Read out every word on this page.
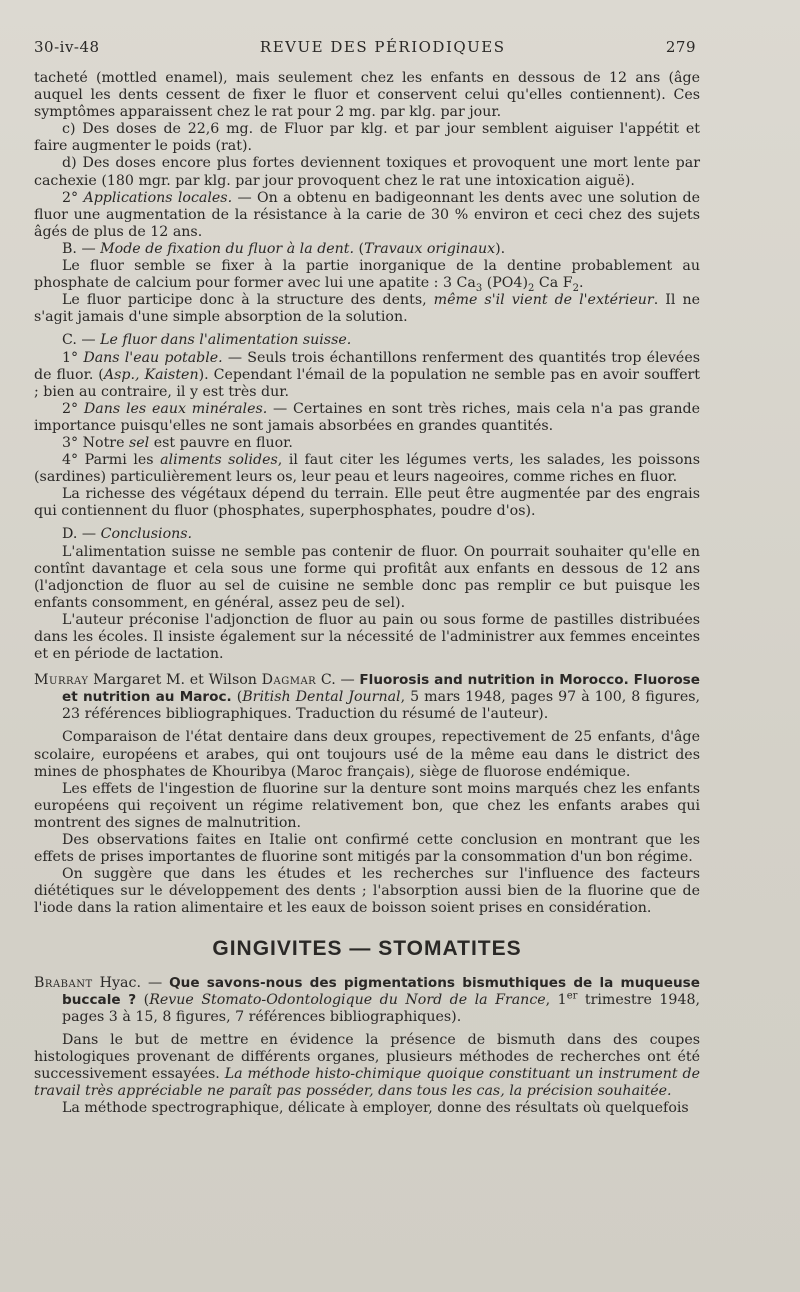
30-iv-48	REVUE DES PÉRIODIQUES	279

tacheté (mottled enamel), mais seulement chez les enfants en dessous de 12 ans (âge auquel les dents cessent de fixer le fluor et conservent celui qu'elles contiennent). Ces symptômes apparaissent chez le rat pour 2 mg. par klg. par jour.

c) Des doses de 22,6 mg. de Fluor par klg. et par jour semblent aiguiser l'appétit et faire augmenter le poids (rat).

d) Des doses encore plus fortes deviennent toxiques et provoquent une mort lente par cachexie (180 mgr. par klg. par jour provoquent chez le rat une intoxication aiguë).

2° Applications locales. — On a obtenu en badigeonnant les dents avec une solution de fluor une augmentation de la résistance à la carie de 30 % environ et ceci chez des sujets âgés de plus de 12 ans.

B. — Mode de fixation du fluor à la dent. (Travaux originaux).

Le fluor semble se fixer à la partie inorganique de la dentine probablement au phosphate de calcium pour former avec lui une apatite : 3 $Ca_3$ $(PO4)_2$ Ca $F_2$.

Le fluor participe donc à la structure des dents, même s'il vient de l'extérieur. Il ne s'agit jamais d'une simple absorption de la solution.

C. — Le fluor dans l'alimentation suisse.

1° Dans l'eau potable. — Seuls trois échantillons renferment des quantités trop élevées de fluor. (Asp., Kaisten). Cependant l'émail de la population ne semble pas en avoir souffert ; bien au contraire, il y est très dur.

2° Dans les eaux minérales. — Certaines en sont très riches, mais cela n'a pas grande importance puisqu'elles ne sont jamais absorbées en grandes quantités.

3° Notre sel est pauvre en fluor.

4° Parmi les aliments solides, il faut citer les légumes verts, les salades, les poissons (sardines) particulièrement leurs os, leur peau et leurs nageoires, comme riches en fluor.

La richesse des végétaux dépend du terrain. Elle peut être augmentée par des engrais qui contiennent du fluor (phosphates, superphosphates, poudre d'os).

D. — Conclusions.

L'alimentation suisse ne semble pas contenir de fluor. On pourrait souhaiter qu'elle en contînt davantage et cela sous une forme qui profitât aux enfants en dessous de 12 ans (l'adjonction de fluor au sel de cuisine ne semble donc pas remplir ce but puisque les enfants consomment, en général, assez peu de sel).

L'auteur préconise l'adjonction de fluor au pain ou sous forme de pastilles distribuées dans les écoles. Il insiste également sur la nécessité de l'administrer aux femmes enceintes et en période de lactation.

Murray Margaret M. et Wilson Dagmar C. — Fluorosis and nutrition in Morocco. Fluorose et nutrition au Maroc. (British Dental Journal, 5 mars 1948, pages 97 à 100, 8 figures, 23 références bibliographiques. Traduction du résumé de l'auteur).

Comparaison de l'état dentaire dans deux groupes, repectivement de 25 enfants, d'âge scolaire, européens et arabes, qui ont toujours usé de la même eau dans le district des mines de phosphates de Khouribya (Maroc français), siège de fluorose endémique.

Les effets de l'ingestion de fluorine sur la denture sont moins marqués chez les enfants européens qui reçoivent un régime relativement bon, que chez les enfants arabes qui montrent des signes de malnutrition.

Des observations faites en Italie ont confirmé cette conclusion en montrant que les effets de prises importantes de fluorine sont mitigés par la consommation d'un bon régime.

On suggère que dans les études et les recherches sur l'influence des facteurs diététiques sur le développement des dents ; l'absorption aussi bien de la fluorine que de l'iode dans la ration alimentaire et les eaux de boisson soient prises en considération.

GINGIVITES — STOMATITES

Brabant Hyac. — Que savons-nous des pigmentations bismuthiques de la muqueuse buccale ? (Revue Stomato-Odontologique du Nord de la France, 1er trimestre 1948, pages 3 à 15, 8 figures, 7 références bibliographiques).

Dans le but de mettre en évidence la présence de bismuth dans des coupes histologiques provenant de différents organes, plusieurs méthodes de recherches ont été successivement essayées. La méthode histo-chimique quoique constituant un instrument de travail très appréciable ne paraît pas posséder, dans tous les cas, la précision souhaitée.

La méthode spectrographique, délicate à employer, donne des résultats où quelquefois
